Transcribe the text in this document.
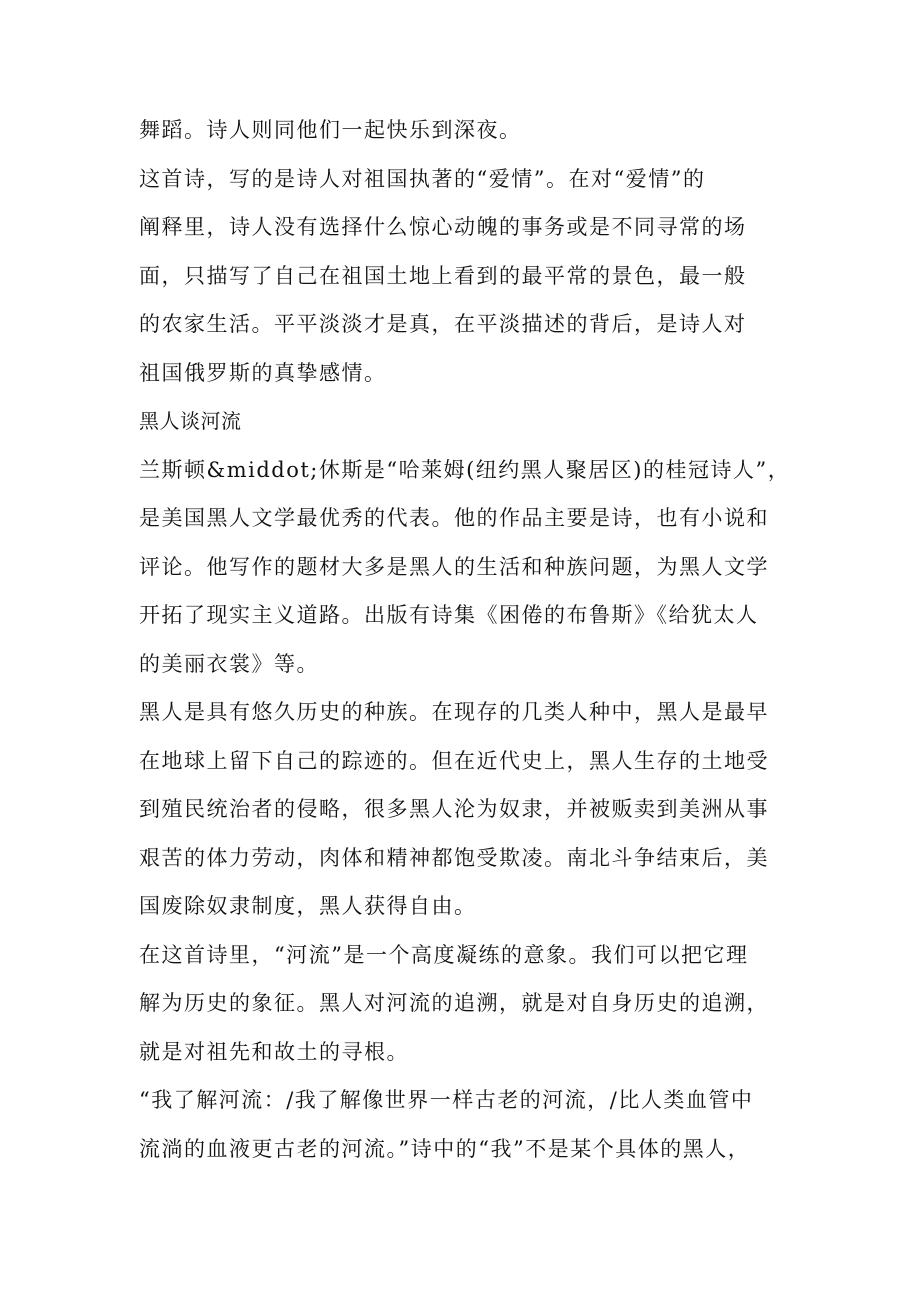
舞蹈。诗人则同他们一起快乐到深夜。
这首诗，写的是诗人对祖国执著的“爱情”。在对“爱情”的
阐释里，诗人没有选择什么惊心动魄的事务或是不同寻常的场
面，只描写了自己在祖国土地上看到的最平常的景色，最一般
的农家生活。平平淡淡才是真，在平淡描述的背后，是诗人对
祖国俄罗斯的真挚感情。
黑人谈河流
兰斯顿&middot;休斯是“哈莱姆(纽约黑人聚居区)的桂冠诗人”，
是美国黑人文学最优秀的代表。他的作品主要是诗，也有小说和
评论。他写作的题材大多是黑人的生活和种族问题，为黑人文学
开拓了现实主义道路。出版有诗集《困倦的布鲁斯》《给犹太人
的美丽衣裳》等。
黑人是具有悠久历史的种族。在现存的几类人种中，黑人是最早
在地球上留下自己的踪迹的。但在近代史上，黑人生存的土地受
到殖民统治者的侵略，很多黑人沦为奴隶，并被贩卖到美洲从事
艰苦的体力劳动，肉体和精神都饱受欺凌。南北斗争结束后，美
国废除奴隶制度，黑人获得自由。
在这首诗里，“河流”是一个高度凝练的意象。我们可以把它理
解为历史的象征。黑人对河流的追溯，就是对自身历史的追溯，
就是对祖先和故土的寻根。
“我了解河流：/我了解像世界一样古老的河流，/比人类血管中
流淌的血液更古老的河流。”诗中的“我”不是某个具体的黑人，
